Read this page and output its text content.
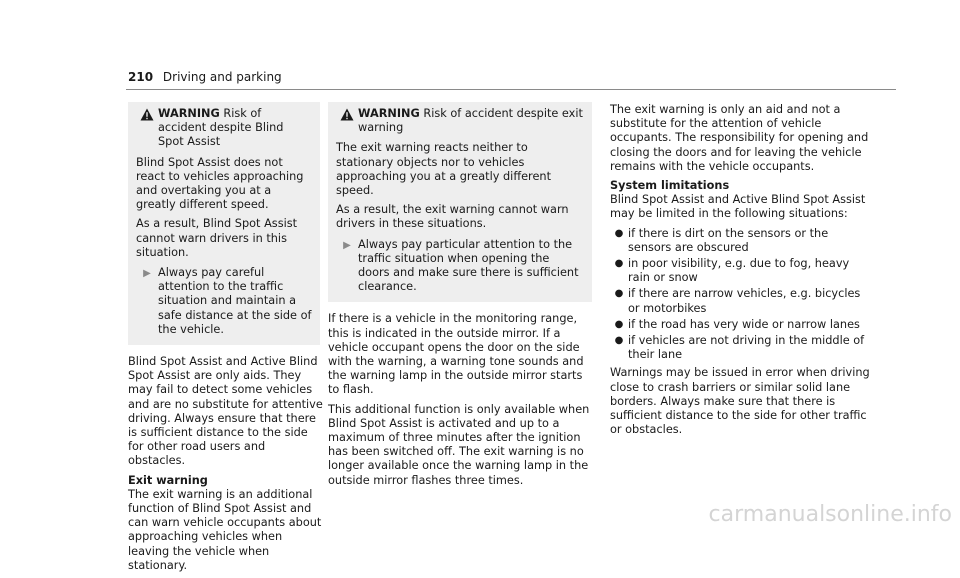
210 Driving and parking
WARNING Risk of accident despite Blind Spot Assist

Blind Spot Assist does not react to vehicles approaching and overtaking you at a greatly different speed.

As a result, Blind Spot Assist cannot warn drivers in this situation.

▶ Always pay careful attention to the traffic situation and maintain a safe distance at the side of the vehicle.

Blind Spot Assist and Active Blind Spot Assist are only aids. They may fail to detect some vehicles and are no substitute for attentive driving. Always ensure that there is sufficient distance to the side for other road users and obstacles.

Exit warning

The exit warning is an additional function of Blind Spot Assist and can warn vehicle occupants about approaching vehicles when leaving the vehicle when stationary.

WARNING Risk of accident despite exit warning

The exit warning reacts neither to stationary objects nor to vehicles approaching you at a greatly different speed.

As a result, the exit warning cannot warn drivers in these situations.

▶ Always pay particular attention to the traffic situation when opening the doors and make sure there is sufficient clearance.

If there is a vehicle in the monitoring range, this is indicated in the outside mirror. If a vehicle occupant opens the door on the side with the warning, a warning tone sounds and the warning lamp in the outside mirror starts to flash.

This additional function is only available when Blind Spot Assist is activated and up to a maximum of three minutes after the ignition has been switched off. The exit warning is no longer available once the warning lamp in the outside mirror flashes three times.

The exit warning is only an aid and not a substitute for the attention of vehicle occupants. The responsibility for opening and closing the doors and for leaving the vehicle remains with the vehicle occupants.

System limitations

Blind Spot Assist and Active Blind Spot Assist may be limited in the following situations:

● if there is dirt on the sensors or the sensors are obscured
● in poor visibility, e.g. due to fog, heavy rain or snow
● if there are narrow vehicles, e.g. bicycles or motorbikes
● if the road has very wide or narrow lanes
● if vehicles are not driving in the middle of their lane

Warnings may be issued in error when driving close to crash barriers or similar solid lane borders. Always make sure that there is sufficient distance to the side for other traffic or obstacles.

carmanualsonline.info
